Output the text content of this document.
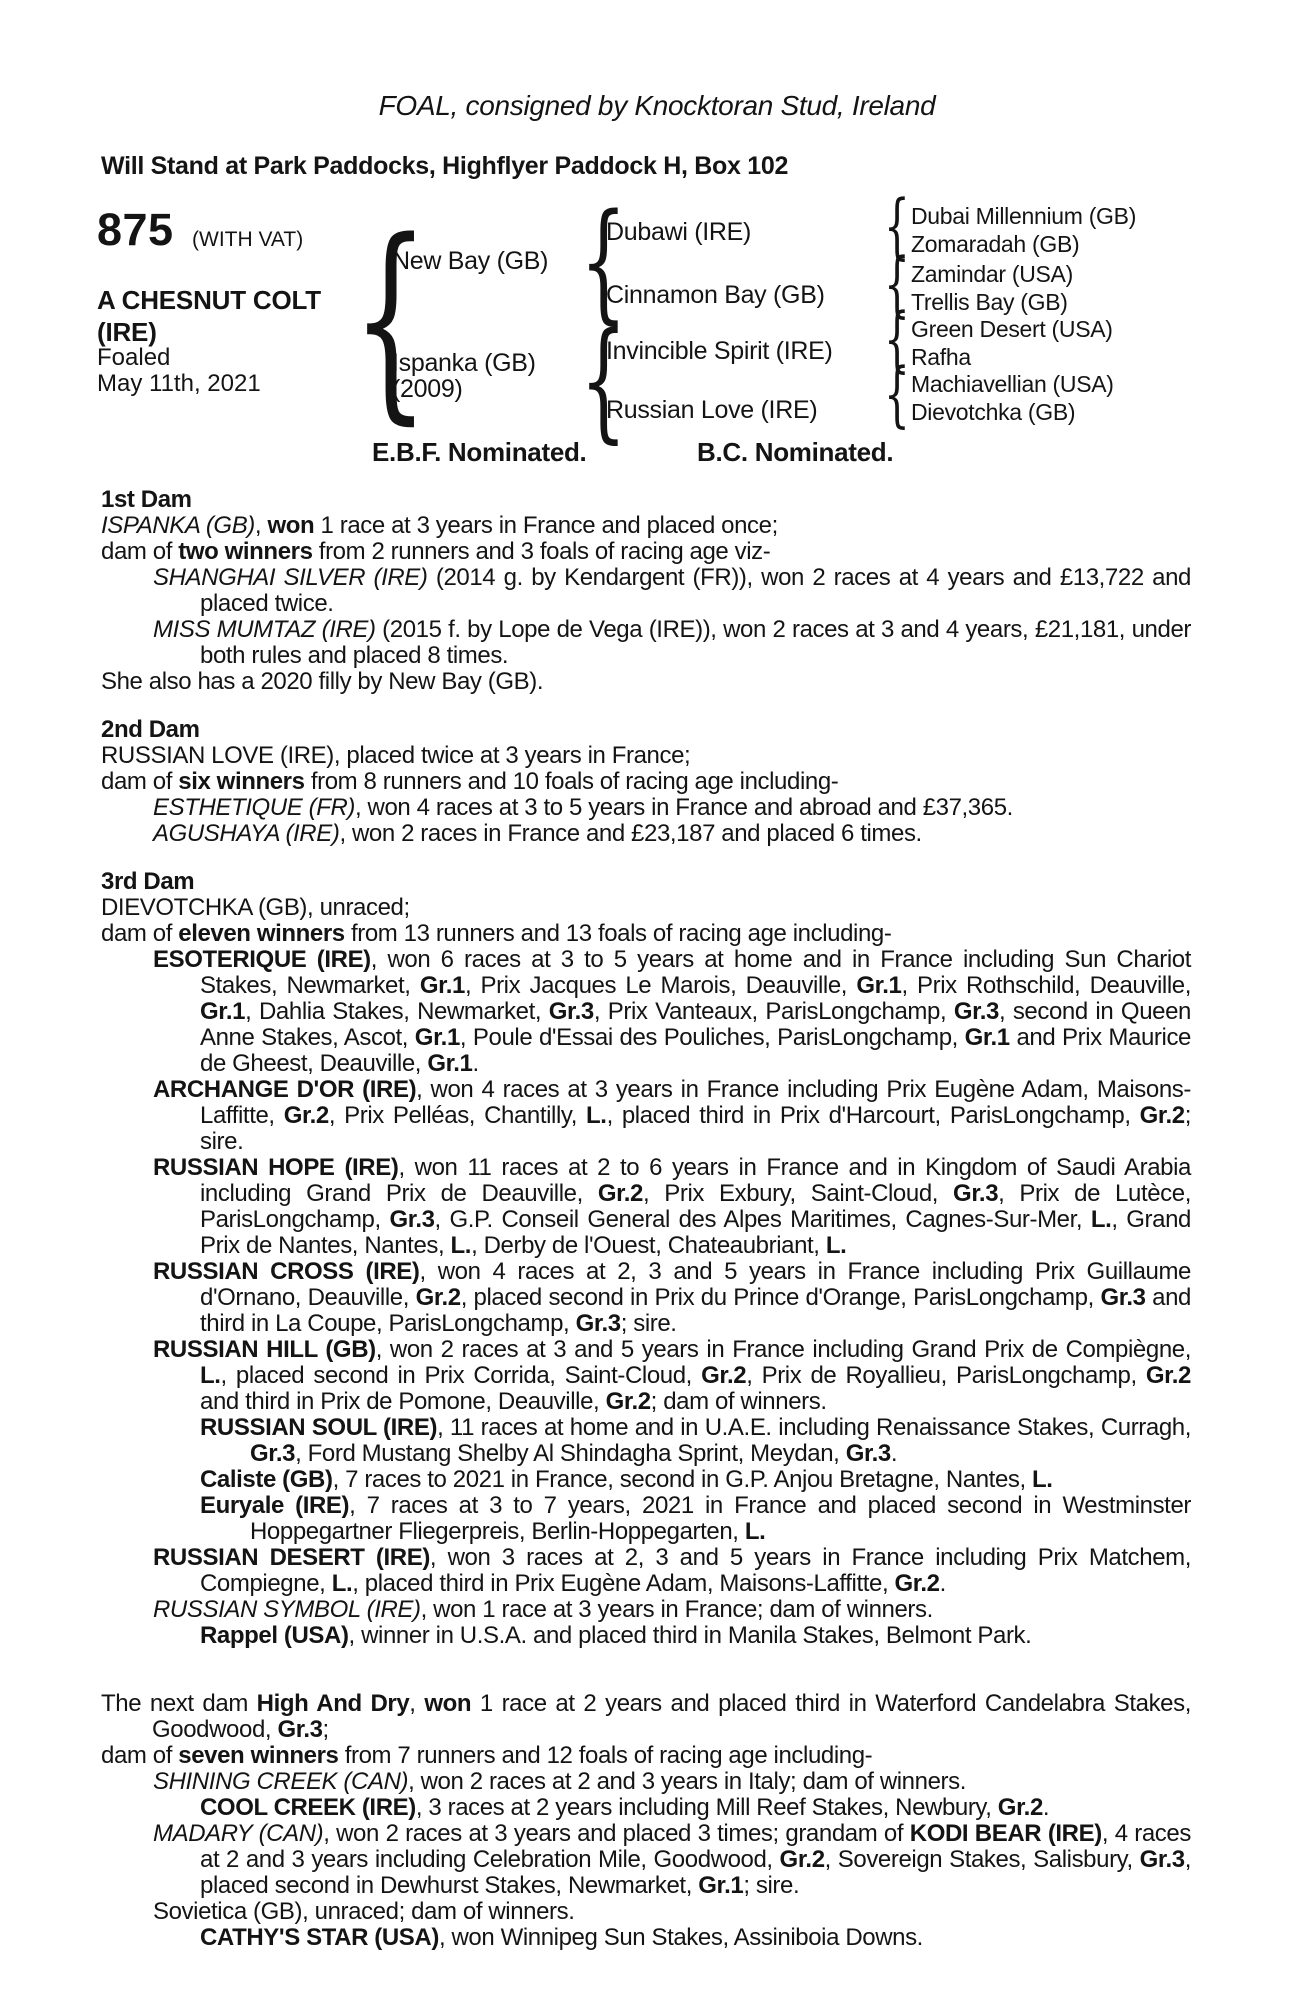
FOAL, consigned by Knocktoran Stud, Ireland
Will Stand at Park Paddocks, Highflyer Paddock H, Box 102
875 (WITH VAT)
A CHESNUT COLT
(IRE)
Foaled
May 11th, 2021
{
{
{
{
{
{
{
New Bay (GB)
Ispanka (GB)
(2009)
Dubawi (IRE)
Cinnamon Bay (GB)
Invincible Spirit (IRE)
Russian Love (IRE)
Dubai Millennium (GB)
Zomaradah (GB)
Zamindar (USA)
Trellis Bay (GB)
Green Desert (USA)
Rafha
Machiavellian (USA)
Dievotchka (GB)
E.B.F. Nominated.	B.C. Nominated.
1st Dam

ISPANKA (GB), won 1 race at 3 years in France and placed once;

dam of two winners from 2 runners and 3 foals of racing age viz-

SHANGHAI SILVER (IRE) (2014 g. by Kendargent (FR)), won 2 races at 4 years and £13,722 and placed twice.

MISS MUMTAZ (IRE) (2015 f. by Lope de Vega (IRE)), won 2 races at 3 and 4 years, £21,181, under both rules and placed 8 times.

She also has a 2020 filly by New Bay (GB).

2nd Dam

RUSSIAN LOVE (IRE), placed twice at 3 years in France;

dam of six winners from 8 runners and 10 foals of racing age including-

ESTHETIQUE (FR), won 4 races at 3 to 5 years in France and abroad and £37,365.

AGUSHAYA (IRE), won 2 races in France and £23,187 and placed 6 times.

3rd Dam

DIEVOTCHKA (GB), unraced;

dam of eleven winners from 13 runners and 13 foals of racing age including-

ESOTERIQUE (IRE), won 6 races at 3 to 5 years at home and in France including Sun Chariot Stakes, Newmarket, Gr.1, Prix Jacques Le Marois, Deauville, Gr.1, Prix Rothschild, Deauville, Gr.1, Dahlia Stakes, Newmarket, Gr.3, Prix Vanteaux, ParisLongchamp, Gr.3, second in Queen Anne Stakes, Ascot, Gr.1, Poule d'Essai des Pouliches, ParisLongchamp, Gr.1 and Prix Maurice de Gheest, Deauville, Gr.1.

ARCHANGE D'OR (IRE), won 4 races at 3 years in France including Prix Eugène Adam, Maisons-Laffitte, Gr.2, Prix Pelléas, Chantilly, L., placed third in Prix d'Harcourt, ParisLongchamp, Gr.2; sire.

RUSSIAN HOPE (IRE), won 11 races at 2 to 6 years in France and in Kingdom of Saudi Arabia including Grand Prix de Deauville, Gr.2, Prix Exbury, Saint-Cloud, Gr.3, Prix de Lutèce, ParisLongchamp, Gr.3, G.P. Conseil General des Alpes Maritimes, Cagnes-Sur-Mer, L., Grand Prix de Nantes, Nantes, L., Derby de l'Ouest, Chateaubriant, L.

RUSSIAN CROSS (IRE), won 4 races at 2, 3 and 5 years in France including Prix Guillaume d'Ornano, Deauville, Gr.2, placed second in Prix du Prince d'Orange, ParisLongchamp, Gr.3 and third in La Coupe, ParisLongchamp, Gr.3; sire.

RUSSIAN HILL (GB), won 2 races at 3 and 5 years in France including Grand Prix de Compiègne, L., placed second in Prix Corrida, Saint-Cloud, Gr.2, Prix de Royallieu, ParisLongchamp, Gr.2 and third in Prix de Pomone, Deauville, Gr.2; dam of winners.

RUSSIAN SOUL (IRE), 11 races at home and in U.A.E. including Renaissance Stakes, Curragh, Gr.3, Ford Mustang Shelby Al Shindagha Sprint, Meydan, Gr.3.

Caliste (GB), 7 races to 2021 in France, second in G.P. Anjou Bretagne, Nantes, L.

Euryale (IRE), 7 races at 3 to 7 years, 2021 in France and placed second in Westminster Hoppegartner Fliegerpreis, Berlin-Hoppegarten, L.

RUSSIAN DESERT (IRE), won 3 races at 2, 3 and 5 years in France including Prix Matchem, Compiegne, L., placed third in Prix Eugène Adam, Maisons-Laffitte, Gr.2.

RUSSIAN SYMBOL (IRE), won 1 race at 3 years in France; dam of winners.

Rappel (USA), winner in U.S.A. and placed third in Manila Stakes, Belmont Park.

The next dam High And Dry, won 1 race at 2 years and placed third in Waterford Candelabra Stakes, Goodwood, Gr.3;

dam of seven winners from 7 runners and 12 foals of racing age including-

SHINING CREEK (CAN), won 2 races at 2 and 3 years in Italy; dam of winners.

COOL CREEK (IRE), 3 races at 2 years including Mill Reef Stakes, Newbury, Gr.2.

MADARY (CAN), won 2 races at 3 years and placed 3 times; grandam of KODI BEAR (IRE), 4 races at 2 and 3 years including Celebration Mile, Goodwood, Gr.2, Sovereign Stakes, Salisbury, Gr.3, placed second in Dewhurst Stakes, Newmarket, Gr.1; sire.

Sovietica (GB), unraced; dam of winners.

CATHY'S STAR (USA), won Winnipeg Sun Stakes, Assiniboia Downs.
